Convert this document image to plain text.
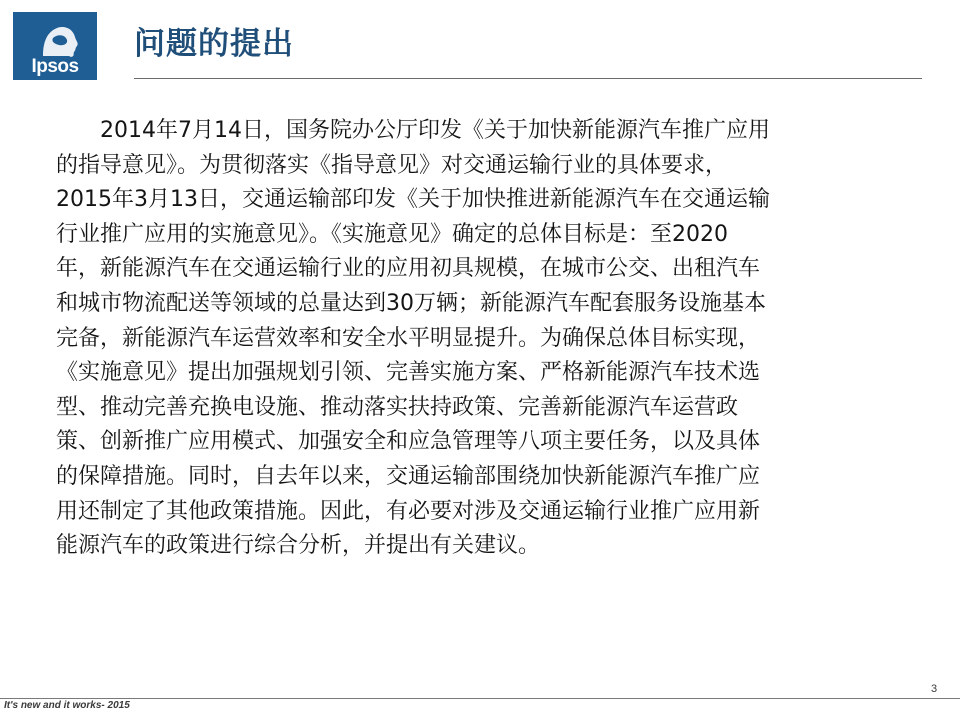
Ipsos
问题的提出
2014年7月14日，国务院办公厅印发《关于加快新能源汽车推广应用
的指导意见》。为贯彻落实《指导意见》对交通运输行业的具体要求，
2015年3月13日，交通运输部印发《关于加快推进新能源汽车在交通运输
行业推广应用的实施意见》。《实施意见》确定的总体目标是：至2020
年，新能源汽车在交通运输行业的应用初具规模，在城市公交、出租汽车
和城市物流配送等领域的总量达到30万辆；新能源汽车配套服务设施基本
完备，新能源汽车运营效率和安全水平明显提升。为确保总体目标实现，
《实施意见》提出加强规划引领、完善实施方案、严格新能源汽车技术选
型、推动完善充换电设施、推动落实扶持政策、完善新能源汽车运营政
策、创新推广应用模式、加强安全和应急管理等八项主要任务，以及具体
的保障措施。同时，自去年以来，交通运输部围绕加快新能源汽车推广应
用还制定了其他政策措施。因此，有必要对涉及交通运输行业推广应用新
能源汽车的政策进行综合分析，并提出有关建议。
3
It's new and it works- 2015
